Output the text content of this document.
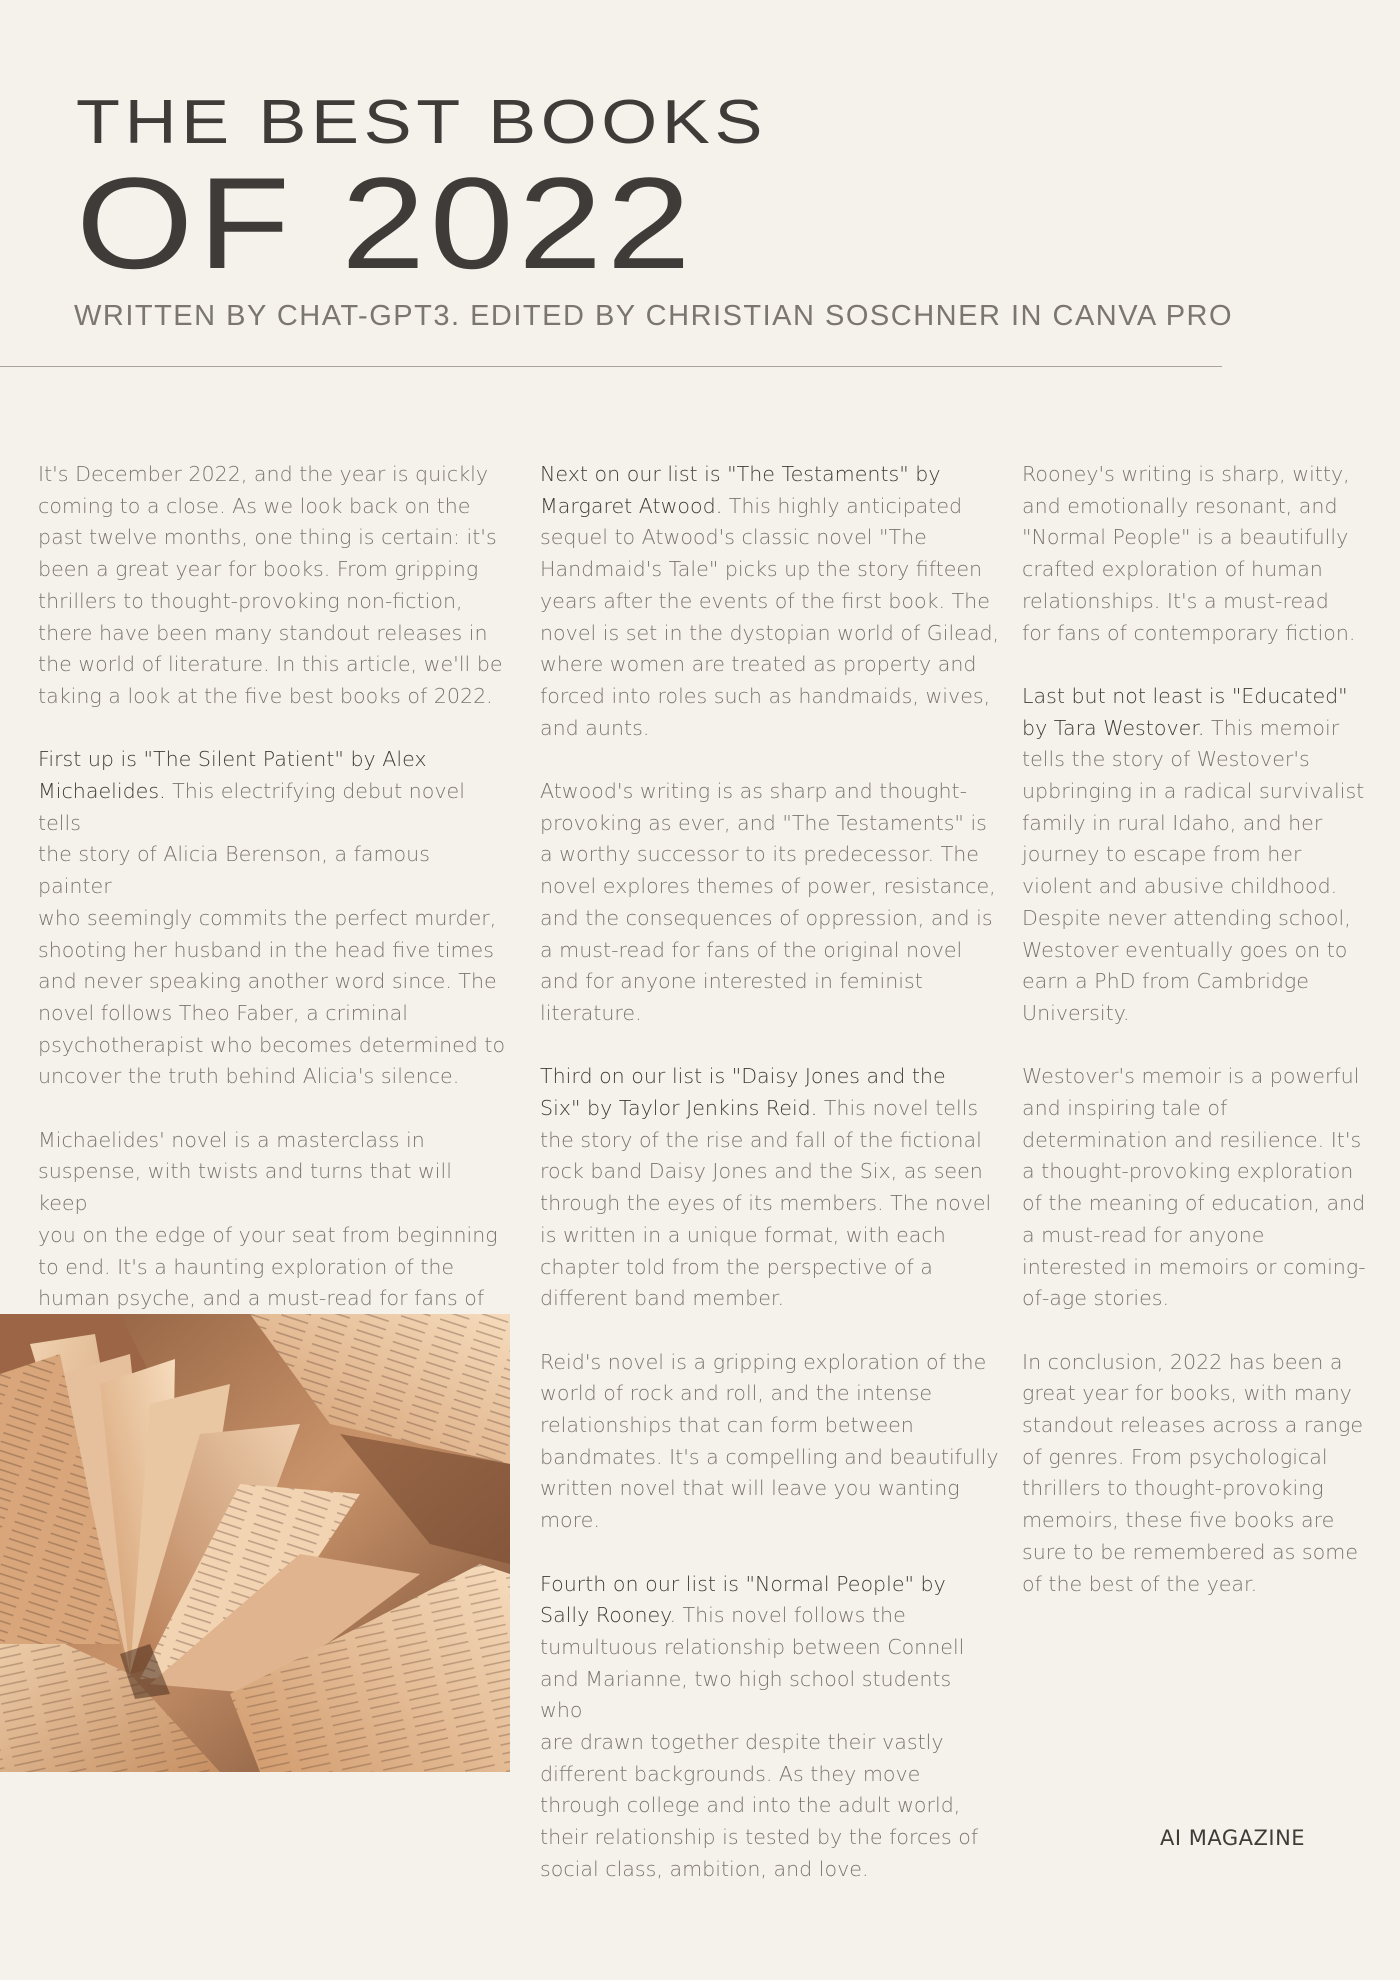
THE BEST BOOKS
OF 2022

WRITTEN BY CHAT-GPT3. EDITED BY CHRISTIAN SOSCHNER IN CANVA PRO

It's December 2022, and the year is quickly
coming to a close. As we look back on the
past twelve months, one thing is certain: it's
been a great year for books. From gripping
thrillers to thought-provoking non-fiction,
there have been many standout releases in
the world of literature. In this article, we'll be
taking a look at the five best books of 2022.

First up is "The Silent Patient" by Alex
Michaelides. This electrifying debut novel tells
the story of Alicia Berenson, a famous painter
who seemingly commits the perfect murder,
shooting her husband in the head five times
and never speaking another word since. The
novel follows Theo Faber, a criminal
psychotherapist who becomes determined to
uncover the truth behind Alicia's silence.

Michaelides' novel is a masterclass in
suspense, with twists and turns that will keep
you on the edge of your seat from beginning
to end. It's a haunting exploration of the
human psyche, and a must-read for fans of

Next on our list is "The Testaments" by
Margaret Atwood. This highly anticipated
sequel to Atwood's classic novel "The
Handmaid's Tale" picks up the story fifteen
years after the events of the first book. The
novel is set in the dystopian world of Gilead,
where women are treated as property and
forced into roles such as handmaids, wives,
and aunts.

Atwood's writing is as sharp and thought-
provoking as ever, and "The Testaments" is
a worthy successor to its predecessor. The
novel explores themes of power, resistance,
and the consequences of oppression, and is
a must-read for fans of the original novel
and for anyone interested in feminist
literature.

Third on our list is "Daisy Jones and the
Six" by Taylor Jenkins Reid. This novel tells
the story of the rise and fall of the fictional
rock band Daisy Jones and the Six, as seen
through the eyes of its members. The novel
is written in a unique format, with each
chapter told from the perspective of a
different band member.

Reid's novel is a gripping exploration of the
world of rock and roll, and the intense
relationships that can form between
bandmates. It's a compelling and beautifully
written novel that will leave you wanting
more.

Fourth on our list is "Normal People" by
Sally Rooney. This novel follows the
tumultuous relationship between Connell
and Marianne, two high school students who
are drawn together despite their vastly
different backgrounds. As they move
through college and into the adult world,
their relationship is tested by the forces of
social class, ambition, and love.

Rooney's writing is sharp, witty,
and emotionally resonant, and
"Normal People" is a beautifully
crafted exploration of human
relationships. It's a must-read
for fans of contemporary fiction.

Last but not least is "Educated"
by Tara Westover. This memoir
tells the story of Westover's
upbringing in a radical survivalist
family in rural Idaho, and her
journey to escape from her
violent and abusive childhood.
Despite never attending school,
Westover eventually goes on to
earn a PhD from Cambridge
University.

Westover's memoir is a powerful
and inspiring tale of
determination and resilience. It's
a thought-provoking exploration
of the meaning of education, and
a must-read for anyone
interested in memoirs or coming-
of-age stories.

In conclusion, 2022 has been a
great year for books, with many
standout releases across a range
of genres. From psychological
thrillers to thought-provoking
memoirs, these five books are
sure to be remembered as some
of the best of the year.

AI MAGAZINE
